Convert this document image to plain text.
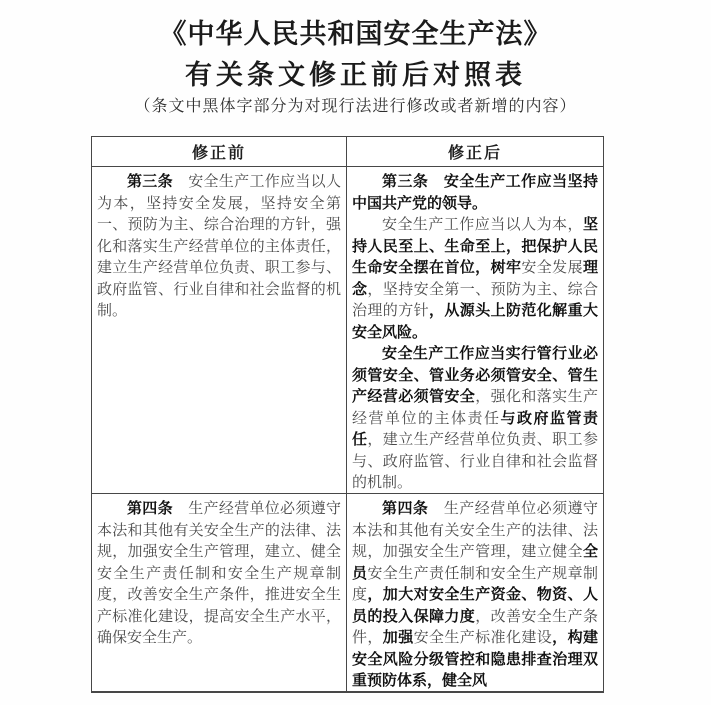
《中华人民共和国安全生产法》
有关条文修正前后对照表
（条文中黑体字部分为对现行法进行修改或者新增的内容）
修正前	修正后

第三条　安全生产工作应当以人为本，坚持安全发展，坚持安全第一、预防为主、综合治理的方针，强化和落实生产经营单位的主体责任，建立生产经营单位负责、职工参与、政府监管、行业自律和社会监督的机制。

第三条　安全生产工作应当坚持中国共产党的领导。

安全生产工作应当以人为本，坚持人民至上、生命至上，把保护人民生命安全摆在首位，树牢安全发展理念，坚持安全第一、预防为主、综合治理的方针，从源头上防范化解重大安全风险。

安全生产工作应当实行管行业必须管安全、管业务必须管安全、管生产经营必须管安全，强化和落实生产经营单位的主体责任与政府监管责任，建立生产经营单位负责、职工参与、政府监管、行业自律和社会监督的机制。

第四条　生产经营单位必须遵守本法和其他有关安全生产的法律、法规，加强安全生产管理，建立、健全安全生产责任制和安全生产规章制度，改善安全生产条件，推进安全生产标准化建设，提高安全生产水平，确保安全生产。

第四条　生产经营单位必须遵守本法和其他有关安全生产的法律、法规，加强安全生产管理，建立健全全员安全生产责任制和安全生产规章制度，加大对安全生产资金、物资、人员的投入保障力度，改善安全生产条件，加强安全生产标准化建设，构建安全风险分级管控和隐患排查治理双重预防体系，健全风
